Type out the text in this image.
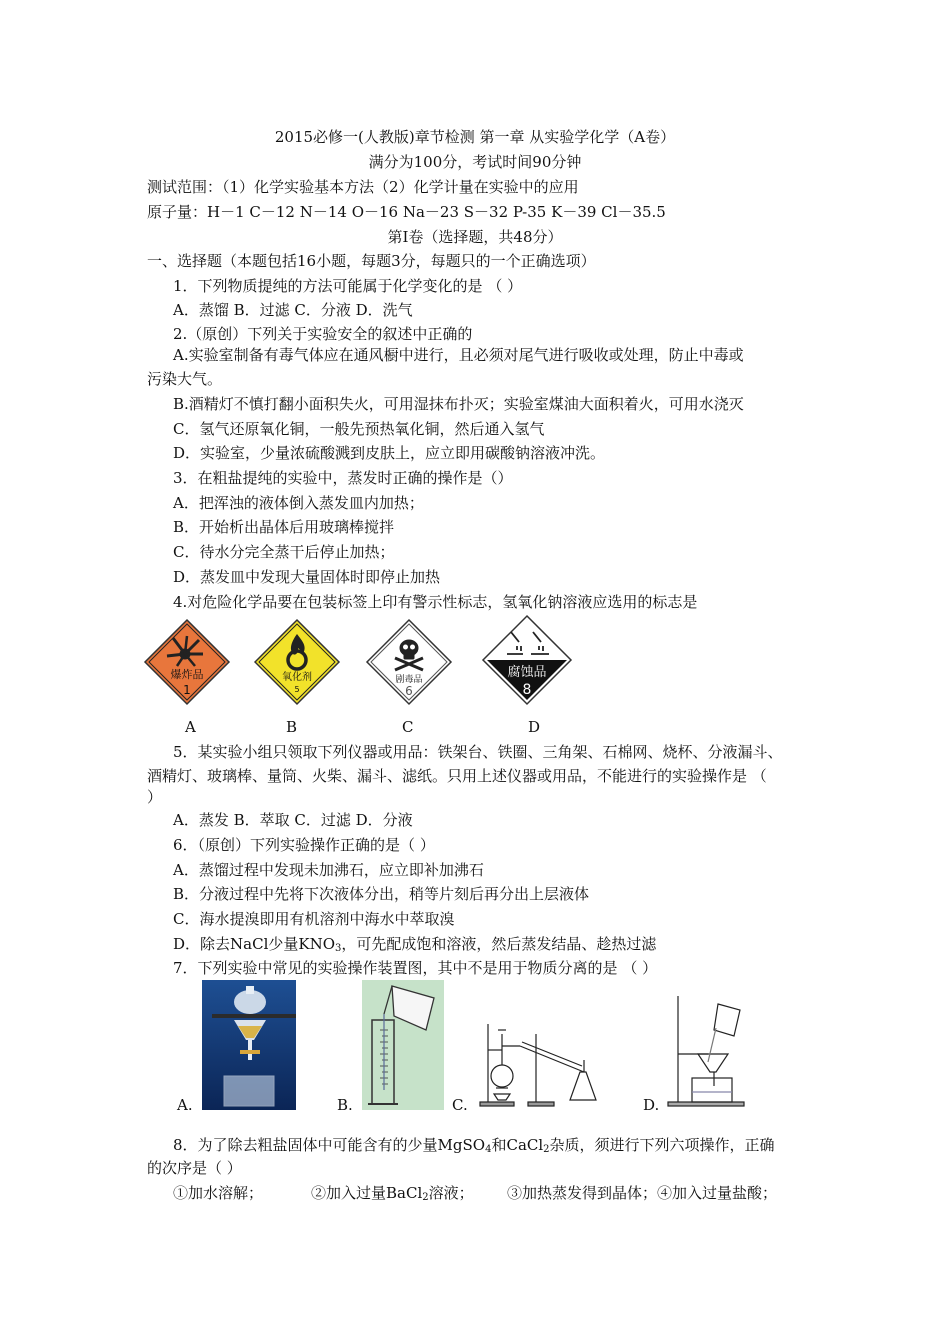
2015必修一(人教版)章节检测 第一章 从实验学化学（A卷）
满分为100分，考试时间90分钟
测试范围：（1）化学实验基本方法（2）化学计量在实验中的应用
原子量：H－1 C－12 N－14 O－16 Na－23 S－32 P-35 K－39 Cl－35.5
第Ⅰ卷（选择题，共48分）
一、选择题（本题包括16小题，每题3分，每题只的一个正确选项）
1．下列物质提纯的方法可能属于化学变化的是 （ ）
A．蒸馏 B．过滤 C．分液 D．洗气
2.（原创）下列关于实验安全的叙述中正确的
A.实验室制备有毒气体应在通风橱中进行，且必须对尾气进行吸收或处理，防止中毒或
污染大气。
B.酒精灯不慎打翻小面积失火，可用湿抹布扑灭；实验室煤油大面积着火，可用水浇灭
C．氢气还原氧化铜，一般先预热氧化铜，然后通入氢气
D．实验室，少量浓硫酸溅到皮肤上，应立即用碳酸钠溶液冲洗。
3．在粗盐提纯的实验中，蒸发时正确的操作是（）
A．把浑浊的液体倒入蒸发皿内加热；
B．开始析出晶体后用玻璃棒搅拌
C．待水分完全蒸干后停止加热；
D．蒸发皿中发现大量固体时即停止加热
4.对危险化学品要在包装标签上印有警示性标志，氢氧化钠溶液应选用的标志是
爆炸品
1
氧化剂
5
剧毒品
6
腐蚀品
8
A	B	C	D
5．某实验小组只领取下列仪器或用品：铁架台、铁圈、三角架、石棉网、烧杯、分液漏斗、
酒精灯、玻璃棒、量筒、火柴、漏斗、滤纸。只用上述仪器或用品，不能进行的实验操作是 （
）
A．蒸发 B．萃取 C．过滤 D．分液
6．（原创）下列实验操作正确的是（ ）
A．蒸馏过程中发现未加沸石，应立即补加沸石
B．分液过程中先将下次液体分出，稍等片刻后再分出上层液体
C．海水提溴即用有机溶剂中海水中萃取溴
D．除去NaCl少量$KNO_3$，可先配成饱和溶液，然后蒸发结晶、趁热过滤
7．下列实验中常见的实验操作装置图，其中不是用于物质分离的是 （ ）
A.	B.	C.	D.
8．为了除去粗盐固体中可能含有的少量MgSO$_4$和CaCl$_2$杂质，须进行下列六项操作，正确
的次序是（ ）
①加水溶解；	②加入过量BaCl$_2$溶液； ③加热蒸发得到晶体；④加入过量盐酸；
